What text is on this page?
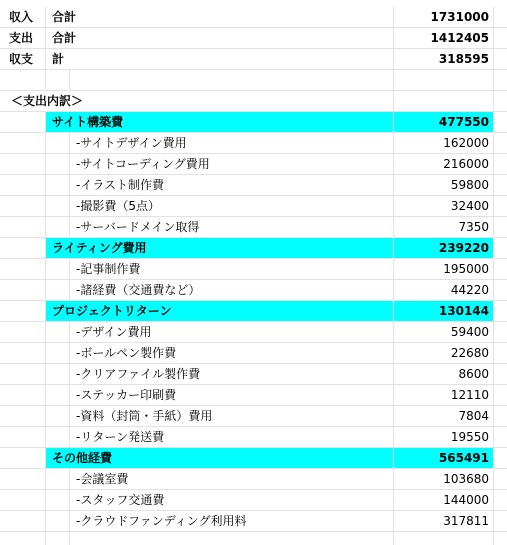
収入	合計	1731000
支出	合計	1412405
収支	計	318595
＜支出内訳＞
サイト構築費	477550
-サイトデザイン費用	162000
-サイトコーディング費用	216000
-イラスト制作費	59800
-撮影費（5点）	32400
-サーバードメイン取得	7350
ライティング費用	239220
-記事制作費	195000
-諸経費（交通費など）	44220
プロジェクトリターン	130144
-デザイン費用	59400
-ボールペン製作費	22680
-クリアファイル製作費	8600
-ステッカー印刷費	12110
-資料（封筒・手紙）費用	7804
-リターン発送費	19550
その他経費	565491
-会議室費	103680
-スタッフ交通費	144000
-クラウドファンディング利用料	317811
